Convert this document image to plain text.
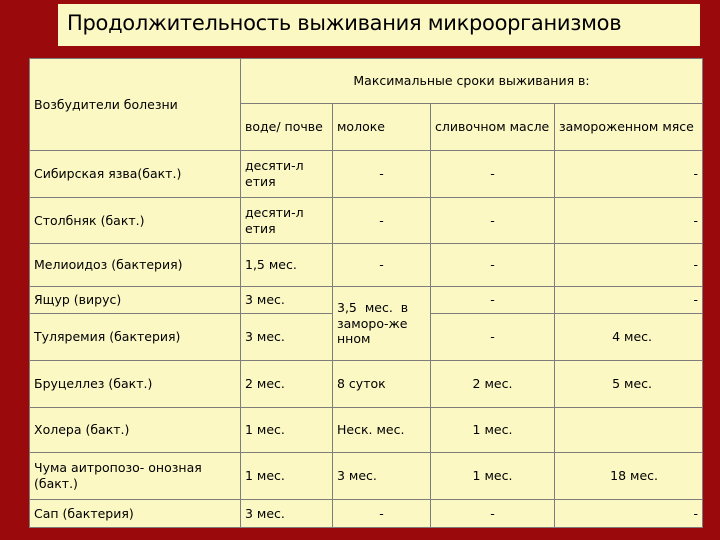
Продолжительность выживания микроорганизмов
Возбудители болезни	Максимальные сроки выживания в:			
	воде/ почве	молоке	сливочном масле	замороженном мясе
Сибирская язва(бакт.)	десяти-л етия	-	-	-
Столбняк (бакт.)	десяти-л етия	-	-	-
Мелиоидоз (бактерия)	1,5 мес.	-	-	-
Ящур (вирус)	3 мес.	3,5 мес. в заморо-же нном	-	-
Туляремия (бактерия)	3 мес.		-	4 мес.
Бруцеллез (бакт.)	2 мес.	8 суток	2 мес.	5 мес.
Холера (бакт.)	1 мес.	Неск. мес.	1 мес.	
Чума аитропозо- онозная (бакт.)	1 мес.	3 мес.	1 мес.	18 мес.
Сап (бактерия)	3 мес.	-	-	-
